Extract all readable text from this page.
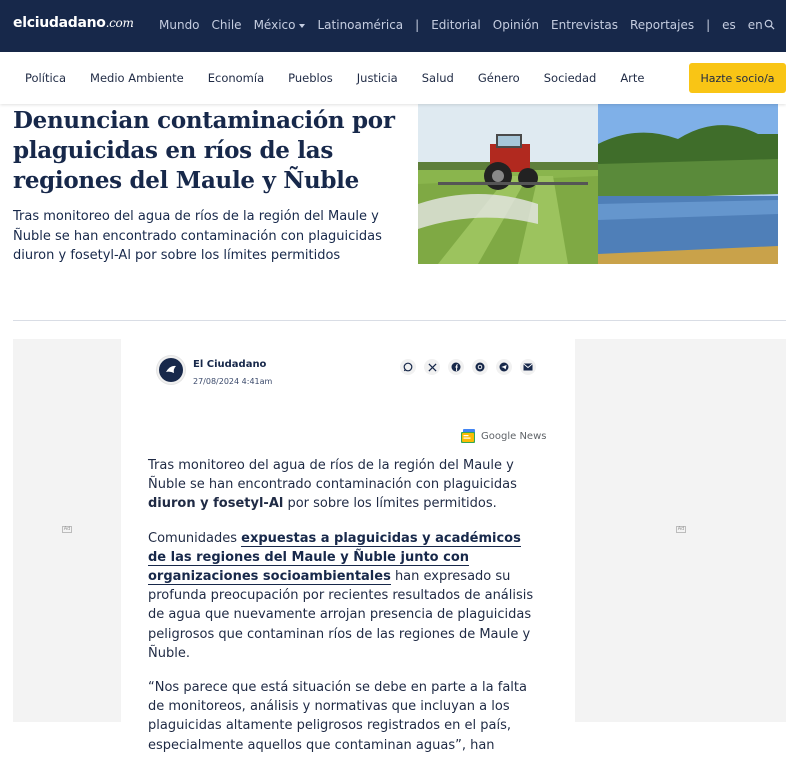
elciudadano.com Mundo Chile México	Latinoamérica | Editorial Opinión Entrevistas Reportajes | es en
Política Medio Ambiente Economía Pueblos Justicia Salud Género Sociedad Arte	Hazte socio/a
Denuncian contaminación por plaguicidas en ríos de las regiones del Maule y Ñuble

Tras monitoreo del agua de ríos de la región del Maule y Ñuble se han encontrado contaminación con plaguicidas diuron y fosetyl-Al por sobre los límites permitidos

Ad	Ad
El Ciudadano
27/08/2024 4:41am
Google News

Tras monitoreo del agua de ríos de la región del Maule y Ñuble se han encontrado contaminación con plaguicidas diuron y fosetyl-Al por sobre los límites permitidos.

Comunidades expuestas a plaguicidas y académicos de las regiones del Maule y Ñuble junto con organizaciones socioambientales han expresado su profunda preocupación por recientes resultados de análisis de agua que nuevamente arrojan presencia de plaguicidas peligrosos que contaminan ríos de las regiones de Maule y Ñuble.

“Nos parece que está situación se debe en parte a la falta de monitoreos, análisis y normativas que incluyan a los plaguicidas altamente peligrosos registrados en el país, especialmente aquellos que contaminan aguas”, han
